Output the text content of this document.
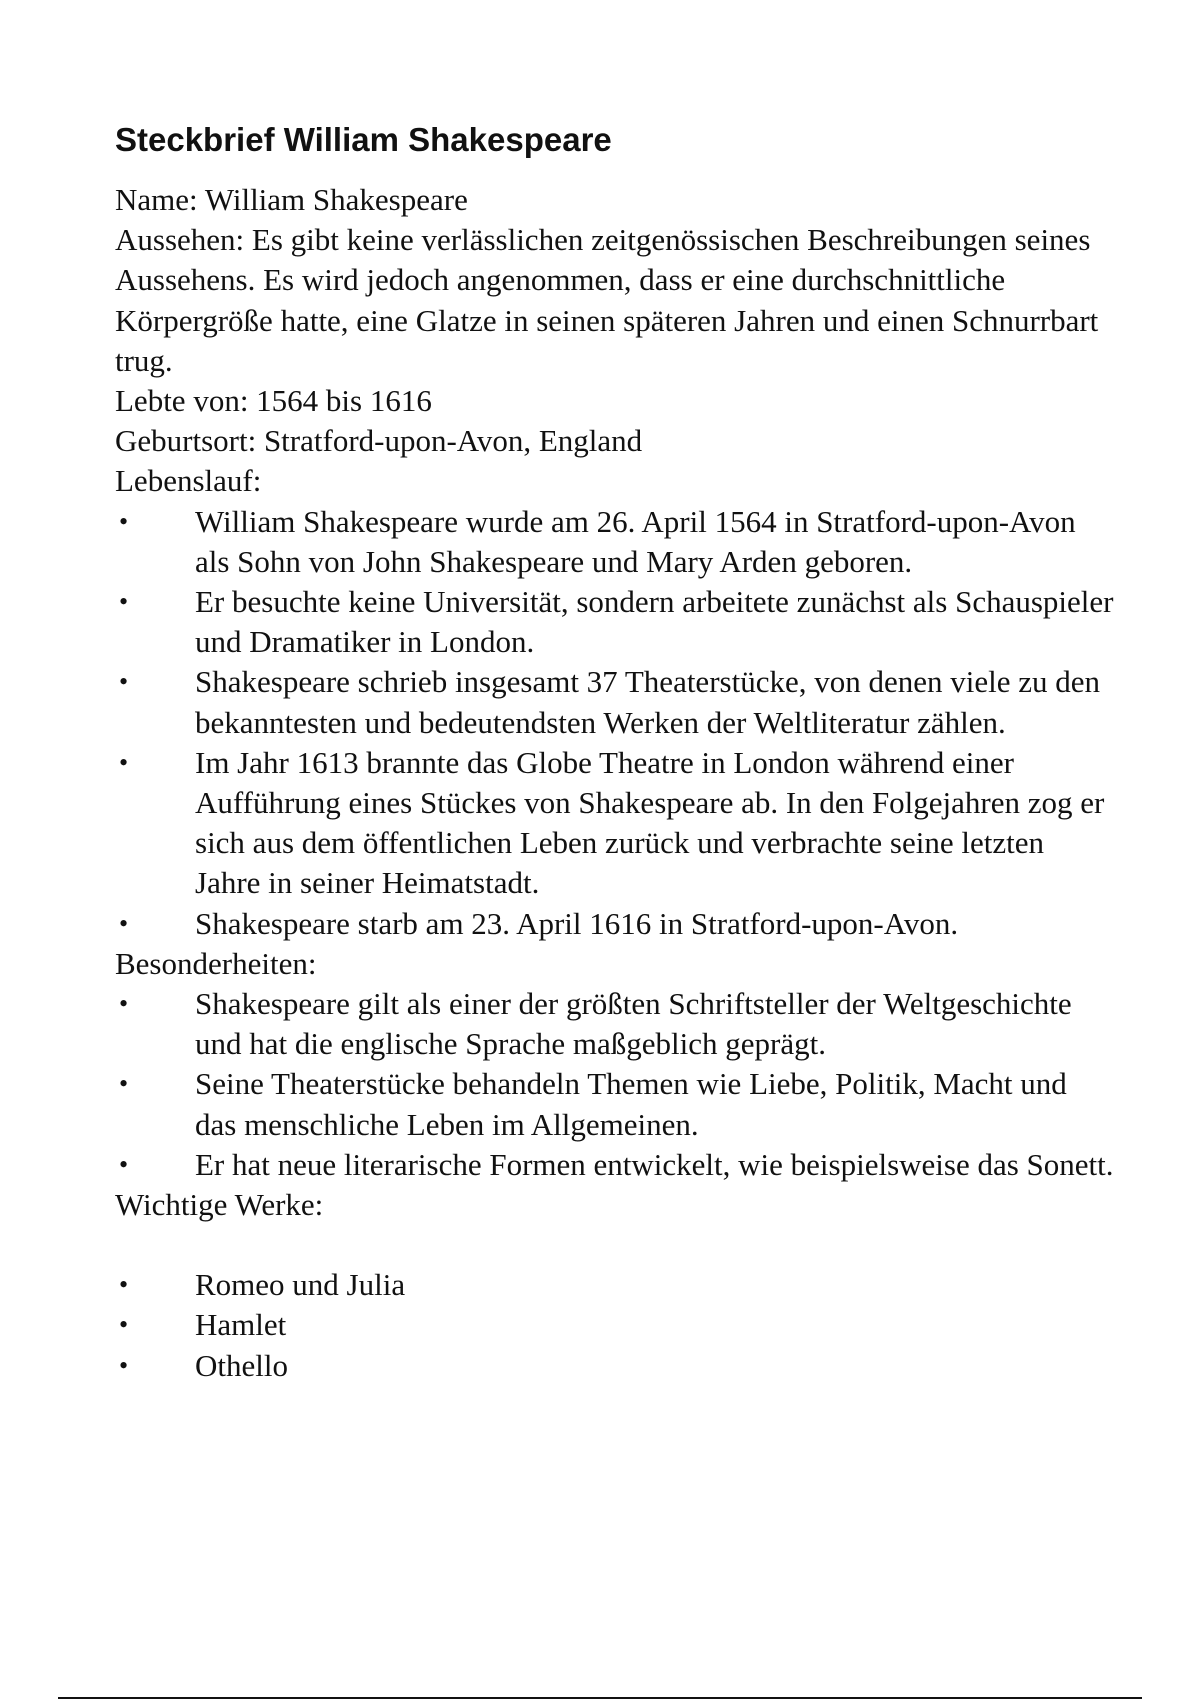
Steckbrief William Shakespeare

Name: William Shakespeare

Aussehen: Es gibt keine verlässlichen zeitgenössischen Beschreibungen seines Aussehens. Es wird jedoch angenommen, dass er eine durchschnittliche Körpergröße hatte, eine Glatze in seinen späteren Jahren und einen Schnurrbart trug.

Lebte von: 1564 bis 1616

Geburtsort: Stratford-upon-Avon, England

Lebenslauf:

• William Shakespeare wurde am 26. April 1564 in Stratford-upon-Avon als Sohn von John Shakespeare und Mary Arden geboren.
• Er besuchte keine Universität, sondern arbeitete zunächst als Schauspieler und Dramatiker in London.
• Shakespeare schrieb insgesamt 37 Theaterstücke, von denen viele zu den bekanntesten und bedeutendsten Werken der Weltliteratur zählen.
• Im Jahr 1613 brannte das Globe Theatre in London während einer Aufführung eines Stückes von Shakespeare ab. In den Folgejahren zog er sich aus dem öffentlichen Leben zurück und verbrachte seine letzten Jahre in seiner Heimatstadt.
• Shakespeare starb am 23. April 1616 in Stratford-upon-Avon.

Besonderheiten:

• Shakespeare gilt als einer der größten Schriftsteller der Weltgeschichte und hat die englische Sprache maßgeblich geprägt.
• Seine Theaterstücke behandeln Themen wie Liebe, Politik, Macht und das menschliche Leben im Allgemeinen.
• Er hat neue literarische Formen entwickelt, wie beispielsweise das Sonett.

Wichtige Werke:

• Romeo und Julia
• Hamlet
• Othello
